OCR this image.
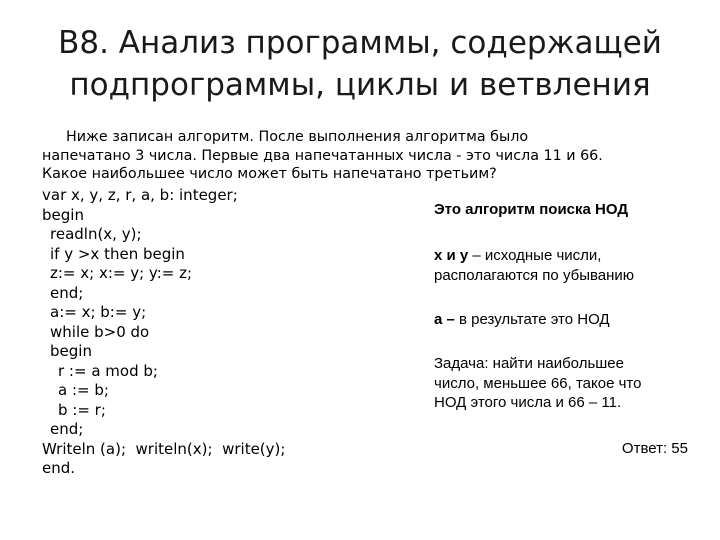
B8. Анализ программы, содержащей
подпрограммы, циклы и ветвления
Ниже записан алгоритм. После выполнения алгоритма было
напечатано 3 числа. Первые два напечатанных числа - это числа 11 и 66.
Какое наибольшее число может быть напечатано третьим?
var x, y, z, r, a, b: integer;
begin
readln(x, y);
if y >x then begin
z:= x; x:= y; y:= z;
end;
a:= x; b:= y;
while b>0 do
begin
r := a mod b;
a := b;
b := r;
end;
Writeln (a);  writeln(x);  write(y);
end.
Это алгоритм поиска НОД
x и y – исходные числи,
располагаются по убыванию
a – в результате это НОД
Задача: найти наибольшее
число, меньшее 66, такое что
НОД этого числа и 66 – 11.
Ответ: 55
